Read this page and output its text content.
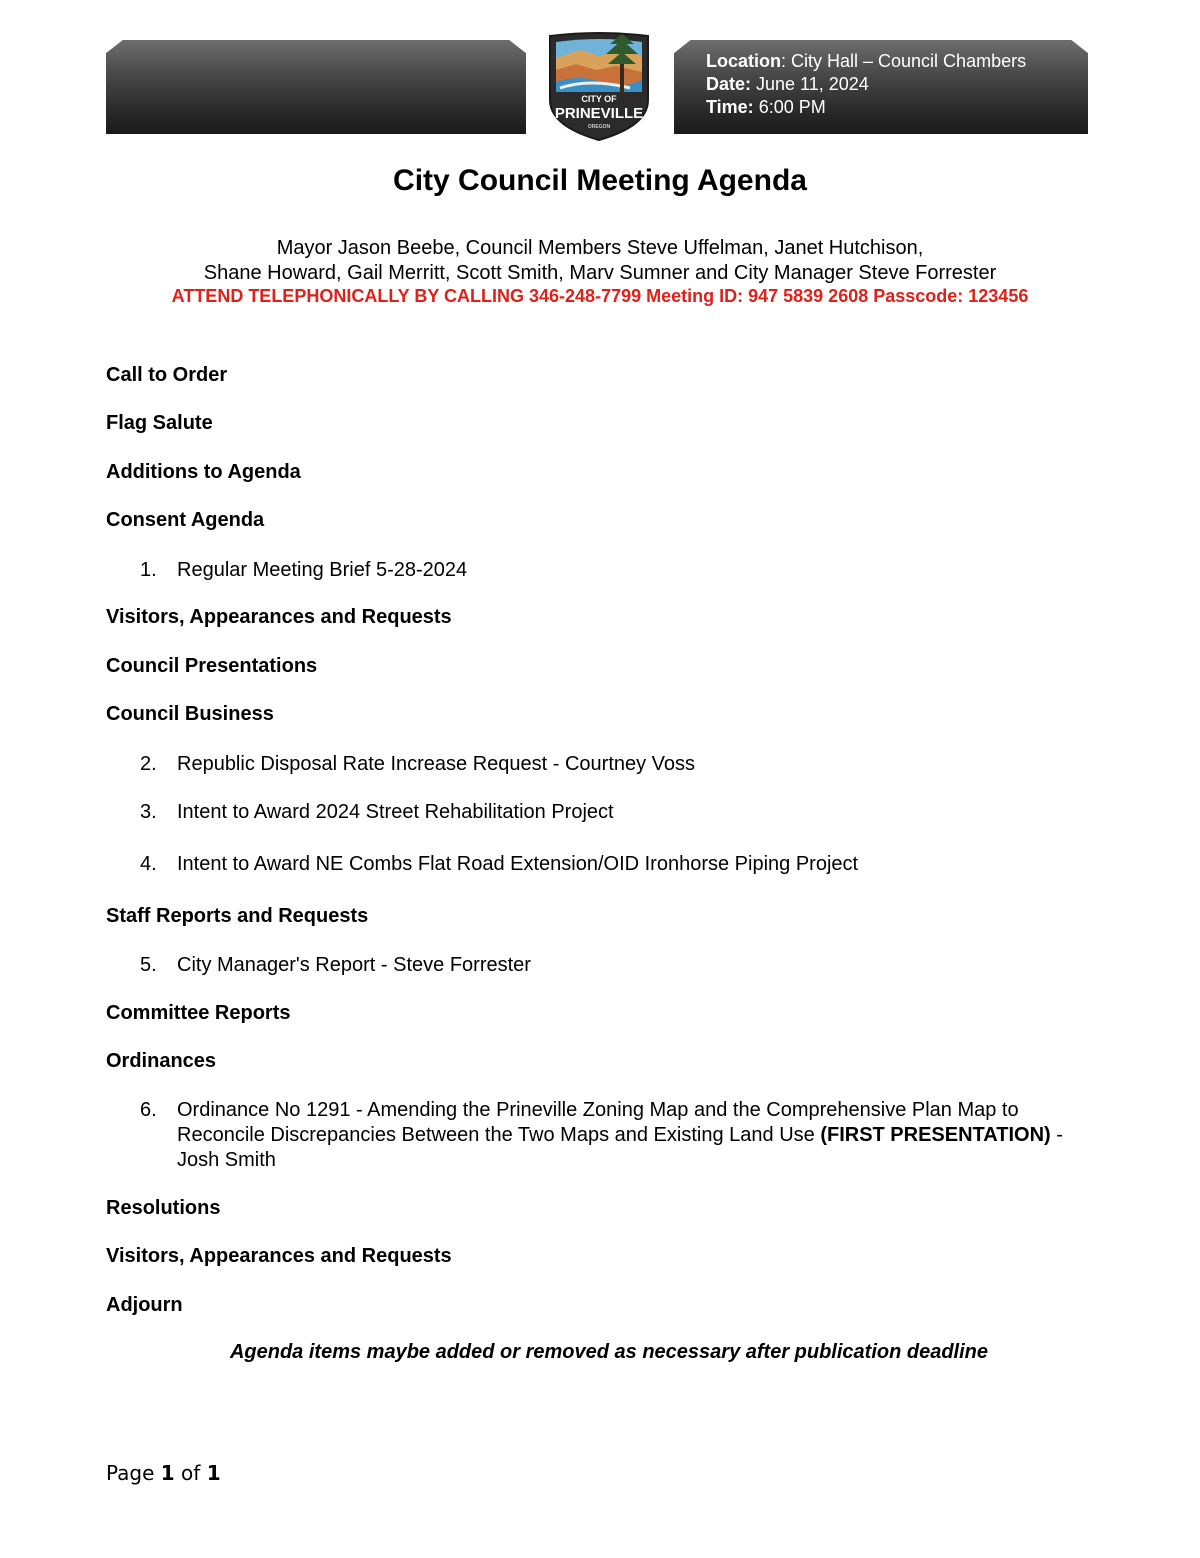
Location: City Hall – Council Chambers
Date: June 11, 2024
Time: 6:00 PM
CITY OF
PRINEVILLE
OREGON
City Council Meeting Agenda
Mayor Jason Beebe, Council Members Steve Uffelman, Janet Hutchison,
Shane Howard, Gail Merritt, Scott Smith, Marv Sumner and City Manager Steve Forrester
ATTEND TELEPHONICALLY BY CALLING 346-248-7799 Meeting ID: 947 5839 2608 Passcode: 123456
Call to Order
Flag Salute
Additions to Agenda
Consent Agenda
1.	Regular Meeting Brief 5-28-2024
Visitors, Appearances and Requests
Council Presentations
Council Business
2.	Republic Disposal Rate Increase Request - Courtney Voss
3.	Intent to Award 2024 Street Rehabilitation Project
4.	Intent to Award NE Combs Flat Road Extension/OID Ironhorse Piping Project
Staff Reports and Requests
5.	City Manager's Report - Steve Forrester
Committee Reports
Ordinances
6.	Ordinance No 1291 - Amending the Prineville Zoning Map and the Comprehensive Plan Map to Reconcile Discrepancies Between the Two Maps and Existing Land Use (FIRST PRESENTATION) - Josh Smith
Resolutions
Visitors, Appearances and Requests
Adjourn
Agenda items maybe added or removed as necessary after publication deadline
Page 1 of 1
